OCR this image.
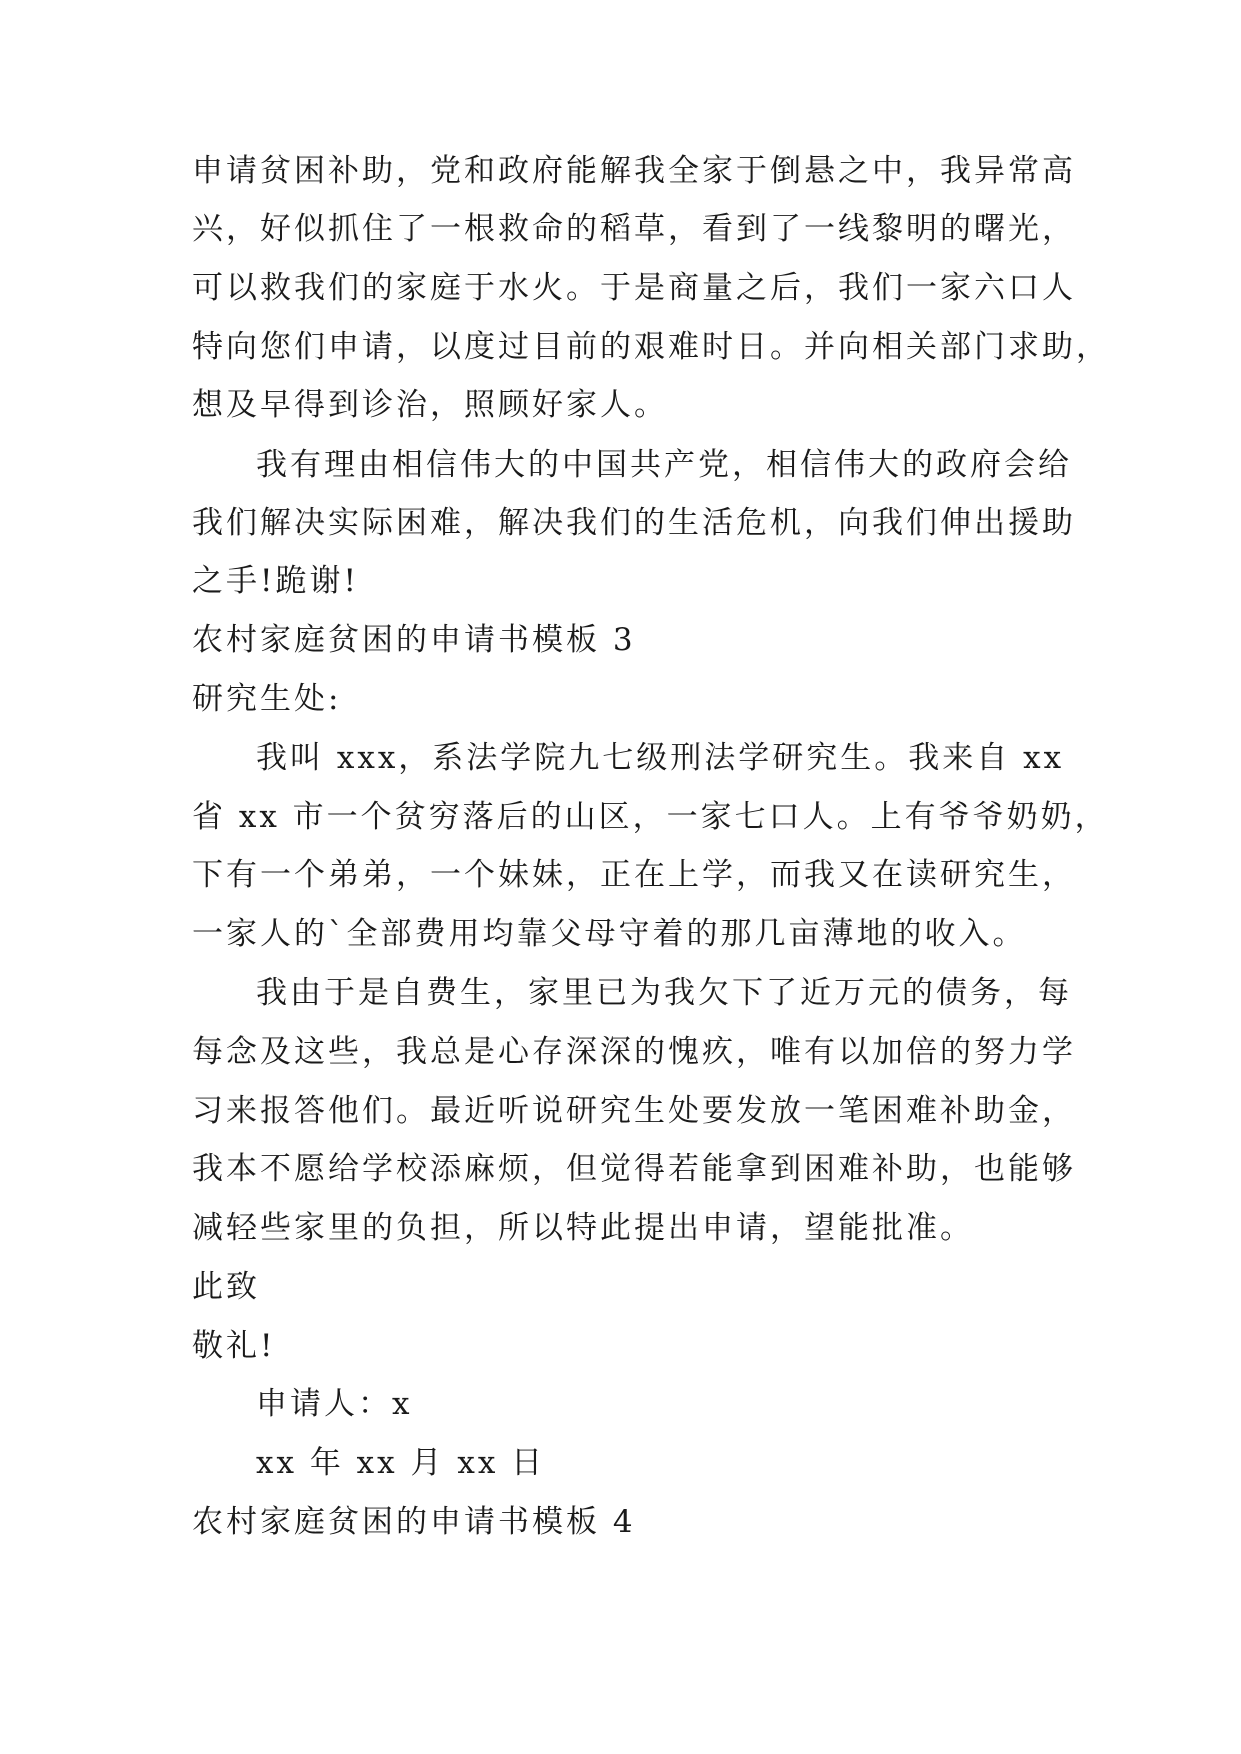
申请贫困补助，党和政府能解我全家于倒悬之中，我异常高
兴，好似抓住了一根救命的稻草，看到了一线黎明的曙光，
可以救我们的家庭于水火。于是商量之后，我们一家六口人
特向您们申请，以度过目前的艰难时日。并向相关部门求助，
想及早得到诊治，照顾好家人。
我有理由相信伟大的中国共产党，相信伟大的政府会给
我们解决实际困难，解决我们的生活危机，向我们伸出援助
之手!跪谢!
农村家庭贫困的申请书模板 3
研究生处:
我叫 xxx，系法学院九七级刑法学研究生。我来自 xx
省 xx 市一个贫穷落后的山区，一家七口人。上有爷爷奶奶，
下有一个弟弟，一个妹妹，正在上学，而我又在读研究生，
一家人的`全部费用均靠父母守着的那几亩薄地的收入。
我由于是自费生，家里已为我欠下了近万元的债务，每
每念及这些，我总是心存深深的愧疚，唯有以加倍的努力学
习来报答他们。最近听说研究生处要发放一笔困难补助金，
我本不愿给学校添麻烦，但觉得若能拿到困难补助，也能够
减轻些家里的负担，所以特此提出申请，望能批准。
此致
敬礼!
申请人：x
xx 年 xx 月 xx 日
农村家庭贫困的申请书模板 4
